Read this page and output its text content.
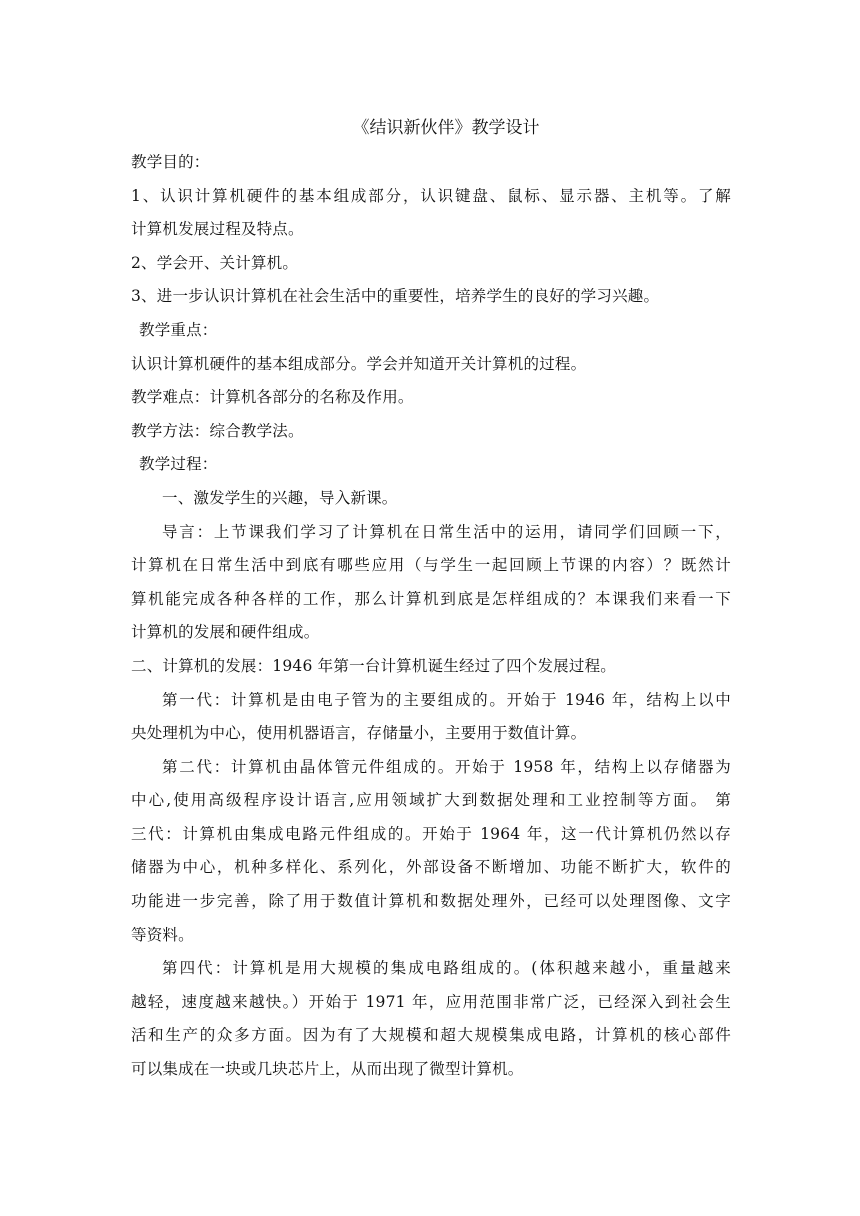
《结识新伙伴》教学设计
教学目的：
1、认识计算机硬件的基本组成部分，认识键盘、鼠标、显示器、主机等。了解
计算机发展过程及特点。
2、学会开、关计算机。
3、进一步认识计算机在社会生活中的重要性，培养学生的良好的学习兴趣。
教学重点：
认识计算机硬件的基本组成部分。学会并知道开关计算机的过程。
教学难点：计算机各部分的名称及作用。
教学方法：综合教学法。
教学过程：
一、激发学生的兴趣，导入新课。
导言：上节课我们学习了计算机在日常生活中的运用，请同学们回顾一下，
计算机在日常生活中到底有哪些应用（与学生一起回顾上节课的内容）？既然计
算机能完成各种各样的工作，那么计算机到底是怎样组成的？本课我们来看一下
计算机的发展和硬件组成。
二、计算机的发展：1946 年第一台计算机诞生经过了四个发展过程。
第一代：计算机是由电子管为的主要组成的。开始于 1946 年，结构上以中
央处理机为中心，使用机器语言，存储量小，主要用于数值计算。
第二代：计算机由晶体管元件组成的。开始于 1958 年，结构上以存储器为
中心,使用高级程序设计语言,应用领域扩大到数据处理和工业控制等方面。 第
三代：计算机由集成电路元件组成的。开始于 1964 年，这一代计算机仍然以存
储器为中心，机种多样化、系列化，外部设备不断增加、功能不断扩大，软件的
功能进一步完善，除了用于数值计算机和数据处理外，已经可以处理图像、文字
等资料。
第四代：计算机是用大规模的集成电路组成的。(体积越来越小，重量越来
越轻，速度越来越快。）开始于 1971 年，应用范围非常广泛，已经深入到社会生
活和生产的众多方面。因为有了大规模和超大规模集成电路，计算机的核心部件
可以集成在一块或几块芯片上，从而出现了微型计算机。
